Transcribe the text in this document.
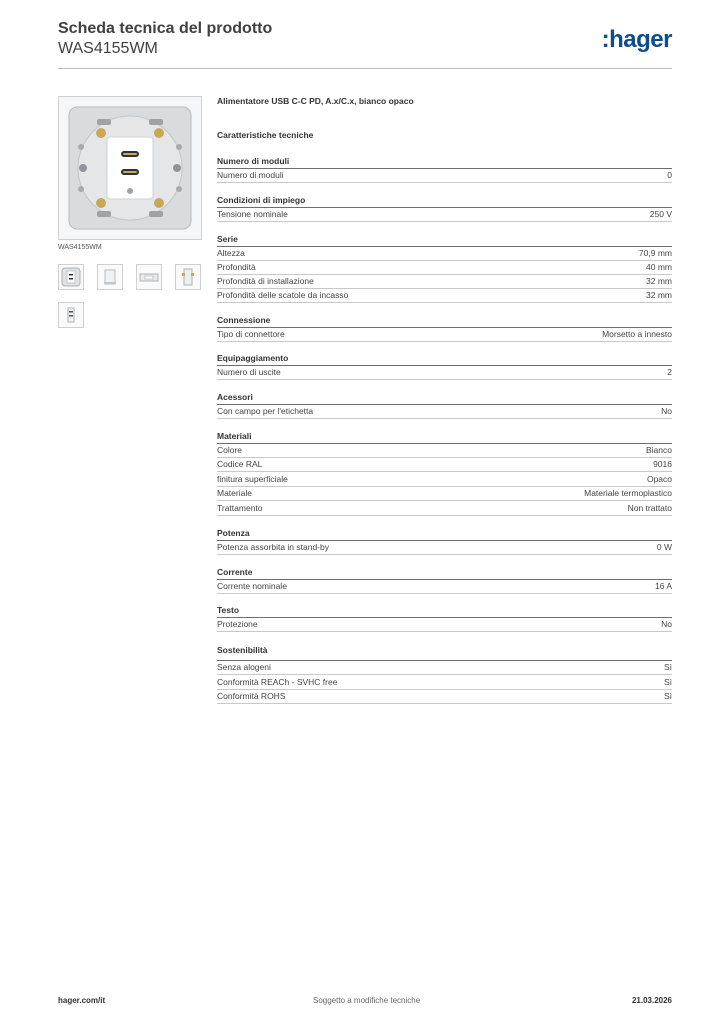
Scheda tecnica del prodotto
WAS4155WM	:hager
WAS4155WM
Alimentatore USB C-C PD, A.x/C.x, bianco opaco
Caratteristiche tecniche
Numero di moduli
Numero di moduli	0
Condizioni di impiego
Tensione nominale	250 V
Serie
Altezza	70,9 mm
Profondità	40 mm
Profondità di installazione	32 mm
Profondità delle scatole da incasso	32 mm
Connessione
Tipo di connettore	Morsetto a innesto
Equipaggiamento
Numero di uscite	2
Acessori
Con campo per l'etichetta	No
Materiali
Colore	Bianco
Codice RAL	9016
finitura superficiale	Opaco
Materiale	Materiale termoplastico
Trattamento	Non trattato
Potenza
Potenza assorbita in stand-by	0 W
Corrente
Corrente nominale	16 A
Testo
Protezione	No
Sostenibilità
Senza alogeni	Sì
Conformità REACh - SVHC free	Sì
Conformità ROHS	Sì
hager.com/it	Soggetto a modifiche tecniche	21.03.2026
